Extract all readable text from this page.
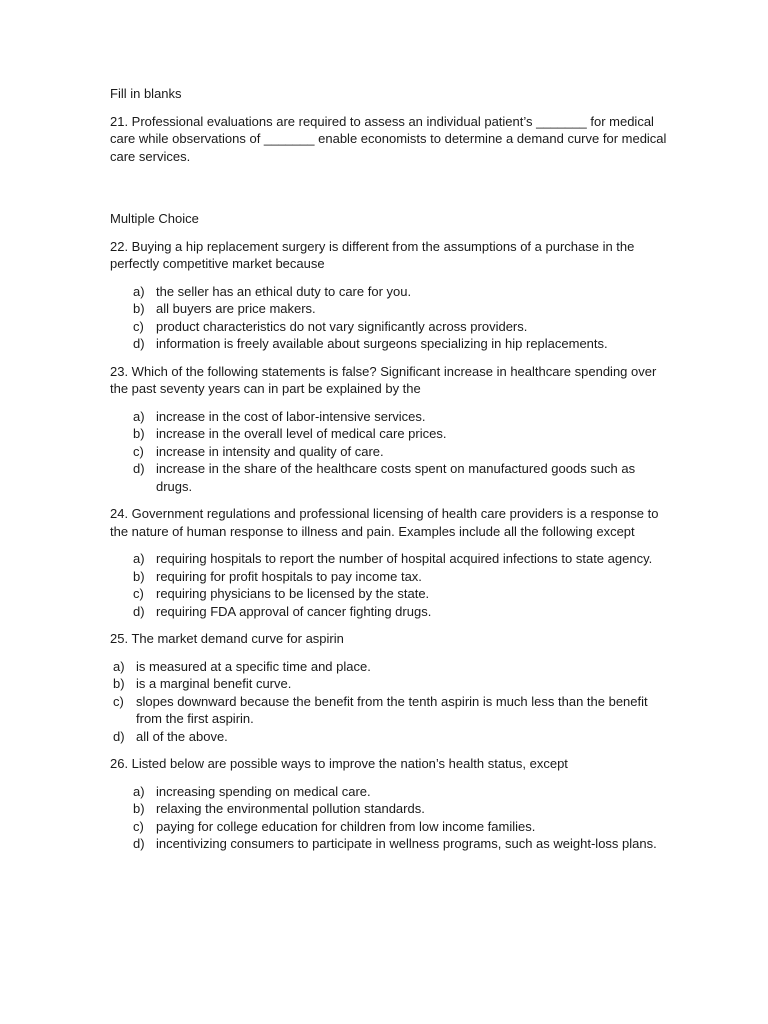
Fill in blanks

21. Professional evaluations are required to assess an individual patient’s _______ for medical care while observations of _______ enable economists to determine a demand curve for medical care services.

Multiple Choice

22. Buying a hip replacement surgery is different from the assumptions of a purchase in the perfectly competitive market because

a) the seller has an ethical duty to care for you.
b) all buyers are price makers.
c) product characteristics do not vary significantly across providers.
d) information is freely available about surgeons specializing in hip replacements.

23. Which of the following statements is false? Significant increase in healthcare spending over the past seventy years can in part be explained by the

a) increase in the cost of labor-intensive services.
b) increase in the overall level of medical care prices.
c) increase in intensity and quality of care.
d) increase in the share of the healthcare costs spent on manufactured goods such as drugs.

24. Government regulations and professional licensing of health care providers is a response to the nature of human response to illness and pain. Examples include all the following except

a) requiring hospitals to report the number of hospital acquired infections to state agency.
b) requiring for profit hospitals to pay income tax.
c) requiring physicians to be licensed by the state.
d) requiring FDA approval of cancer fighting drugs.

25. The market demand curve for aspirin

a) is measured at a specific time and place.
b) is a marginal benefit curve.
c) slopes downward because the benefit from the tenth aspirin is much less than the benefit from the first aspirin.
d) all of the above.

26. Listed below are possible ways to improve the nation’s health status, except

a) increasing spending on medical care.
b) relaxing the environmental pollution standards.
c) paying for college education for children from low income families.
d) incentivizing consumers to participate in wellness programs, such as weight-loss plans.
